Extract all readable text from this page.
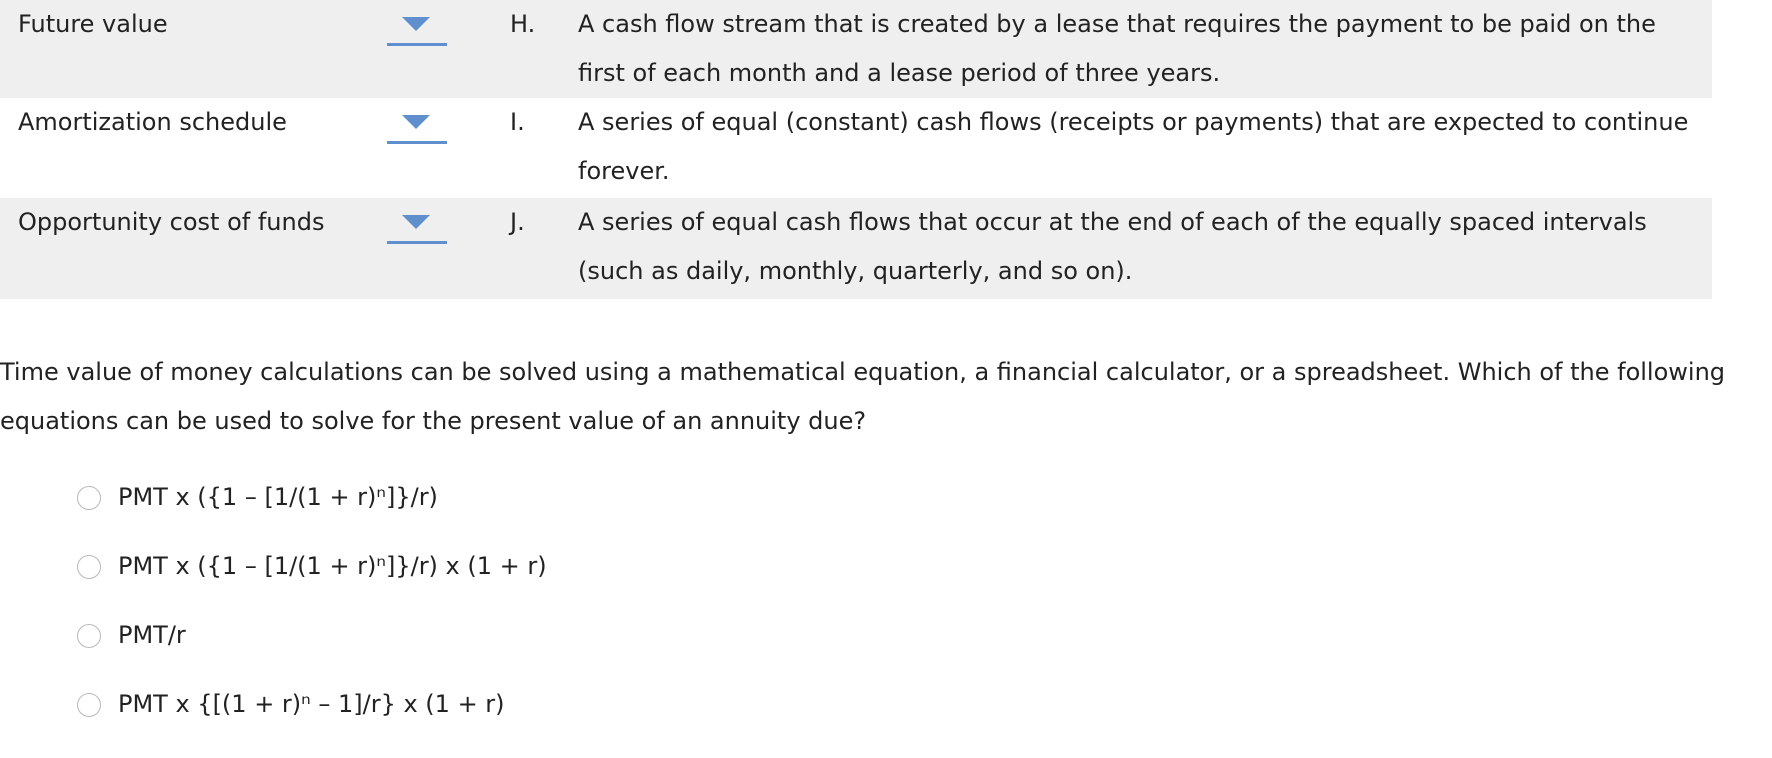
Future value	H. A cash flow stream that is created by a lease that requires the payment to be paid on the first of each month and a lease period of three years.
Amortization schedule	I. A series of equal (constant) cash flows (receipts or payments) that are expected to continue forever.
Opportunity cost of funds	J. A series of equal cash flows that occur at the end of each of the equally spaced intervals (such as daily, monthly, quarterly, and so on).
Time value of money calculations can be solved using a mathematical equation, a financial calculator, or a spreadsheet. Which of the following equations can be used to solve for the present value of an annuity due?
PMT x ({1 – [1/(1 + r)ⁿ]}/r)
PMT x ({1 – [1/(1 + r)ⁿ]}/r) x (1 + r)
PMT/r
PMT x {[(1 + r)ⁿ – 1]/r} x (1 + r)
